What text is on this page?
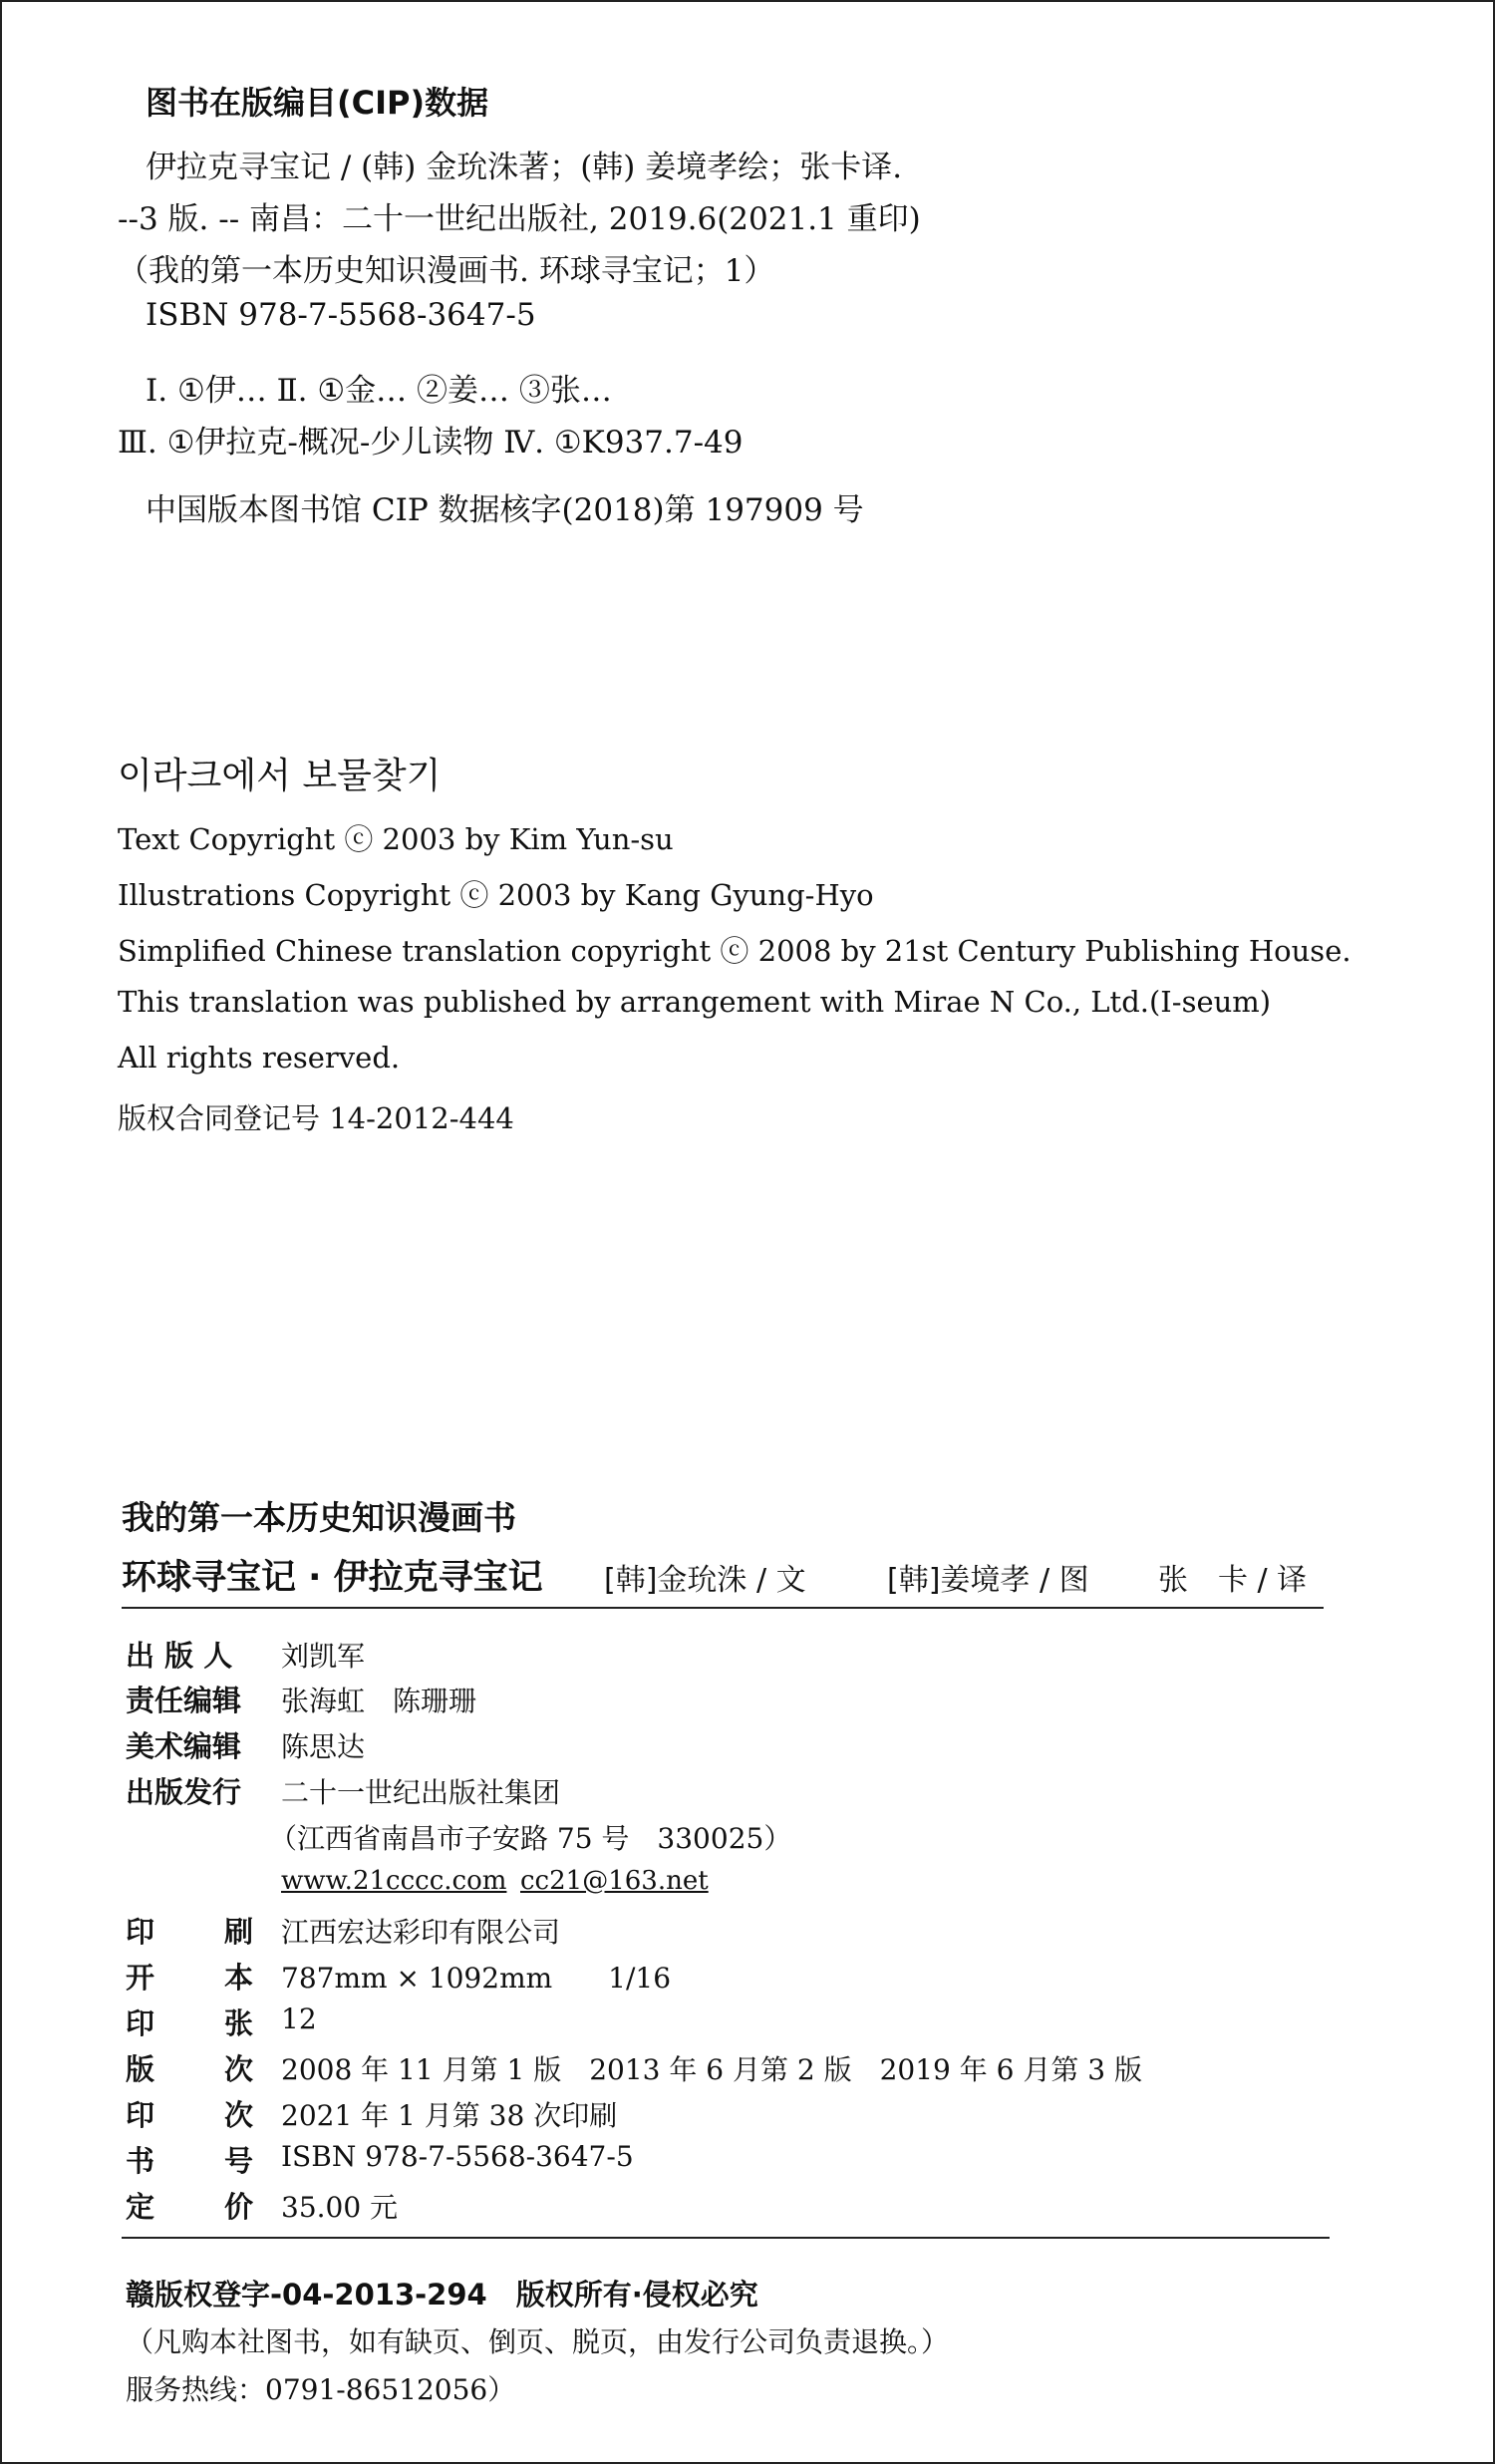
图书在版编目(CIP)数据
伊拉克寻宝记 / (韩) 金玧洙著；(韩) 姜境孝绘；张卡译.
--3 版. -- 南昌：二十一世纪出版社, 2019.6(2021.1 重印)
（我的第一本历史知识漫画书. 环球寻宝记；1）
ISBN 978-7-5568-3647-5
Ⅰ. ①伊… Ⅱ. ①金… ②姜… ③张…
Ⅲ. ①伊拉克-概况-少儿读物 Ⅳ. ①K937.7-49
中国版本图书馆 CIP 数据核字(2018)第 197909 号
이라크에서 보물찾기
Text Copyright ⓒ 2003 by Kim Yun-su
Illustrations Copyright ⓒ 2003 by Kang Gyung-Hyo
Simplified Chinese translation copyright ⓒ 2008 by 21st Century Publishing House.
This translation was published by arrangement with Mirae N Co., Ltd.(I-seum)
All rights reserved.
版权合同登记号 14-2012-444
我的第一本历史知识漫画书
环球寻宝记 · 伊拉克寻宝记 [韩]金玧洙 / 文	[韩]姜境孝 / 图 张　卡 / 译
出 版 人 刘凯军
责任编辑 张海虹　陈珊珊
美术编辑 陈思达
出版发行 二十一世纪出版社集团
（江西省南昌市子安路 75 号　330025）
www.21cccc.com cc21@163.net
印刷 江西宏达彩印有限公司
开本 787mm × 1092mm　　1/16
印张 12
版次 2008 年 11 月第 1 版　2013 年 6 月第 2 版　2019 年 6 月第 3 版
印次 2021 年 1 月第 38 次印刷
书号 ISBN 978-7-5568-3647-5
定价 35.00 元
赣版权登字-04-2013-294　版权所有·侵权必究
（凡购本社图书，如有缺页、倒页、脱页，由发行公司负责退换。）
服务热线：0791-86512056）
